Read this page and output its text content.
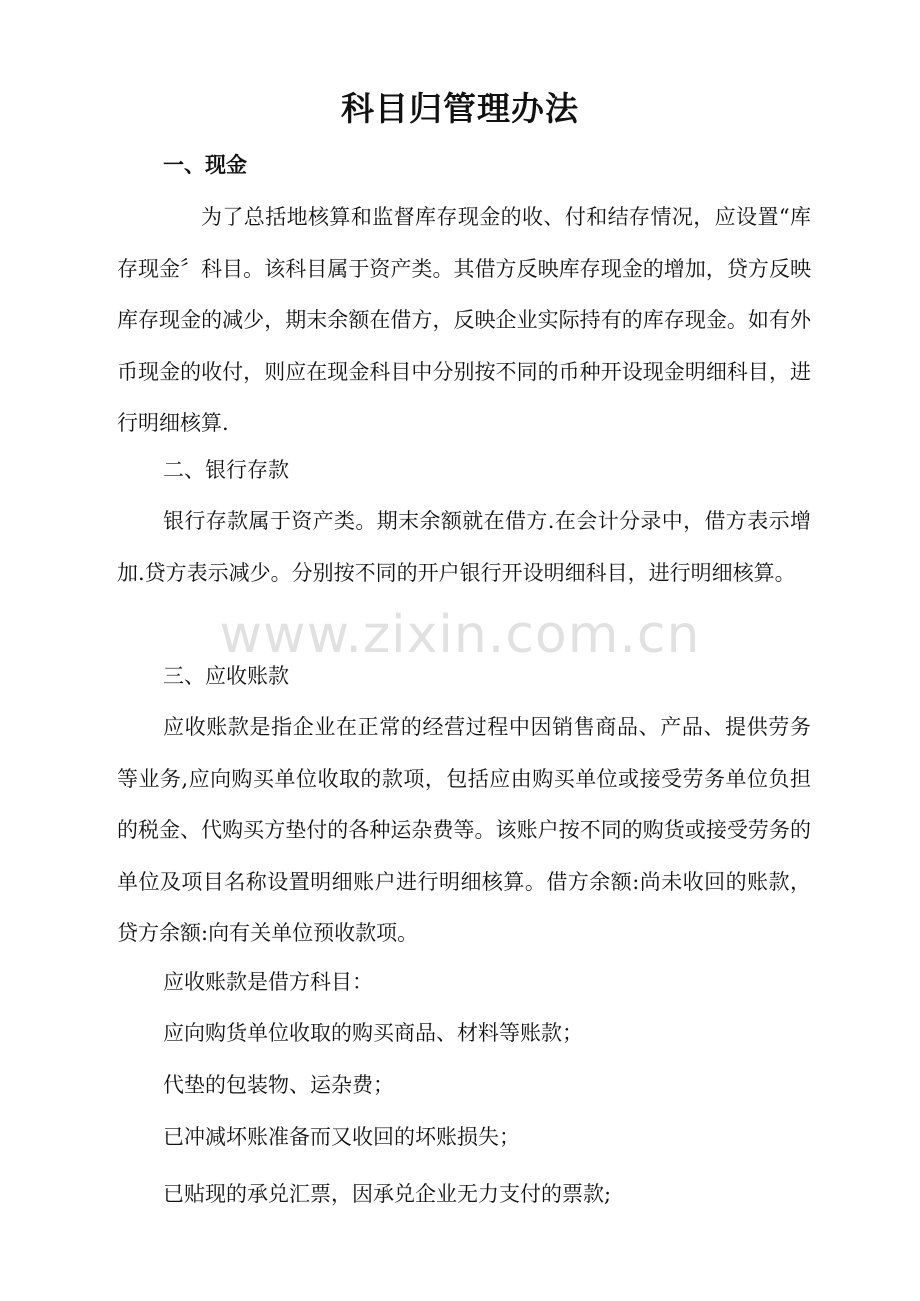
科目归管理办法
一、现金
为了总括地核算和监督库存现金的收、付和结存情况，应设置“库存现金〞科目。该科目属于资产类。其借方反映库存现金的增加，贷方反映库存现金的减少，期末余额在借方，反映企业实际持有的库存现金。如有外币现金的收付，则应在现金科目中分别按不同的币种开设现金明细科目，进行明细核算.
二、银行存款
银行存款属于资产类。期末余额就在借方.在会计分录中，借方表示增加.贷方表示减少。分别按不同的开户银行开设明细科目，进行明细核算。
三、应收账款
应收账款是指企业在正常的经营过程中因销售商品、产品、提供劳务等业务,应向购买单位收取的款项，包括应由购买单位或接受劳务单位负担的税金、代购买方垫付的各种运杂费等。该账户按不同的购货或接受劳务的单位及项目名称设置明细账户进行明细核算。借方余额:尚未收回的账款，贷方余额:向有关单位预收款项。
应收账款是借方科目：
应向购货单位收取的购买商品、材料等账款；
代垫的包装物、运杂费；
已冲减坏账准备而又收回的坏账损失；
已贴现的承兑汇票，因承兑企业无力支付的票款;
www.zixin.com.cn
